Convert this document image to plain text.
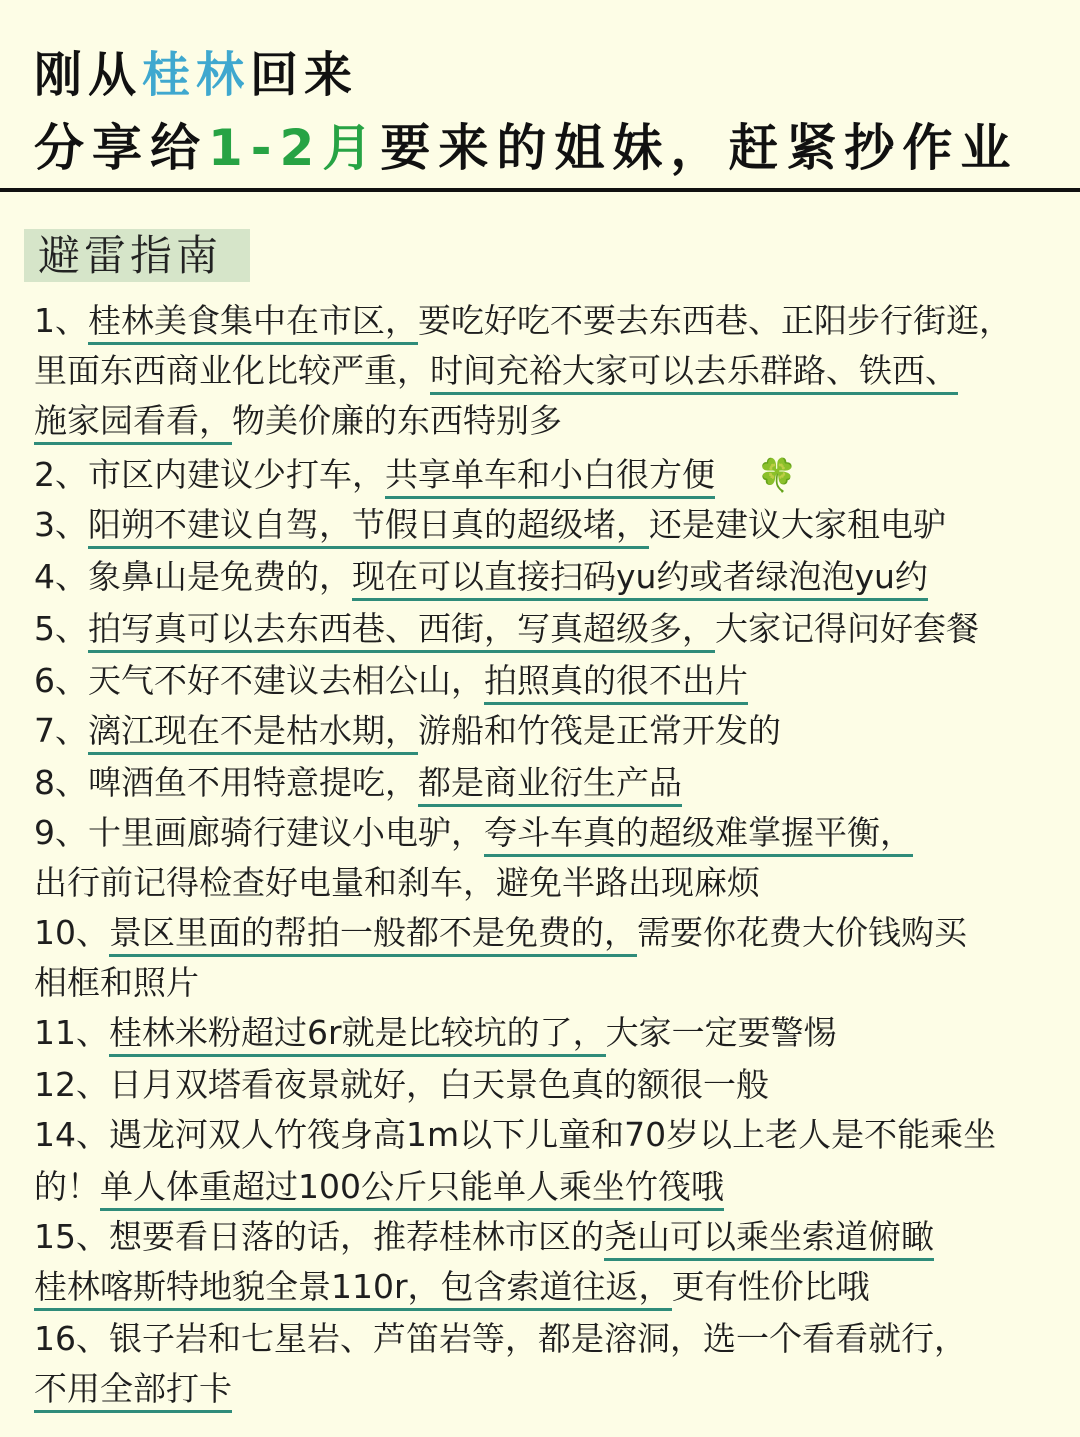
刚从桂林回来
分享给1-2月要来的姐妹，赶紧抄作业
避雷指南
1、桂林美食集中在市区，要吃好吃不要去东西巷、正阳步行街逛，
里面东西商业化比较严重，时间充裕大家可以去乐群路、铁西、
施家园看看，物美价廉的东西特别多
2、市区内建议少打车，共享单车和小白很方便 🍀
3、阳朔不建议自驾，节假日真的超级堵，还是建议大家租电驴
4、象鼻山是免费的，现在可以直接扫码yu约或者绿泡泡yu约
5、拍写真可以去东西巷、西街，写真超级多，大家记得问好套餐
6、天气不好不建议去相公山，拍照真的很不出片
7、漓江现在不是枯水期，游船和竹筏是正常开发的
8、啤酒鱼不用特意提吃，都是商业衍生产品
9、十里画廊骑行建议小电驴，夸斗车真的超级难掌握平衡，
出行前记得检查好电量和刹车，避免半路出现麻烦
10、景区里面的帮拍一般都不是免费的，需要你花费大价钱购买
相框和照片
11、桂林米粉超过6r就是比较坑的了，大家一定要警惕
12、日月双塔看夜景就好，白天景色真的额很一般
14、遇龙河双人竹筏身高1m以下儿童和70岁以上老人是不能乘坐
的！单人体重超过100公斤只能单人乘坐竹筏哦
15、想要看日落的话，推荐桂林市区的尧山可以乘坐索道俯瞰
桂林喀斯特地貌全景110r，包含索道往返，更有性价比哦
16、银子岩和七星岩、芦笛岩等，都是溶洞，选一个看看就行，
不用全部打卡
